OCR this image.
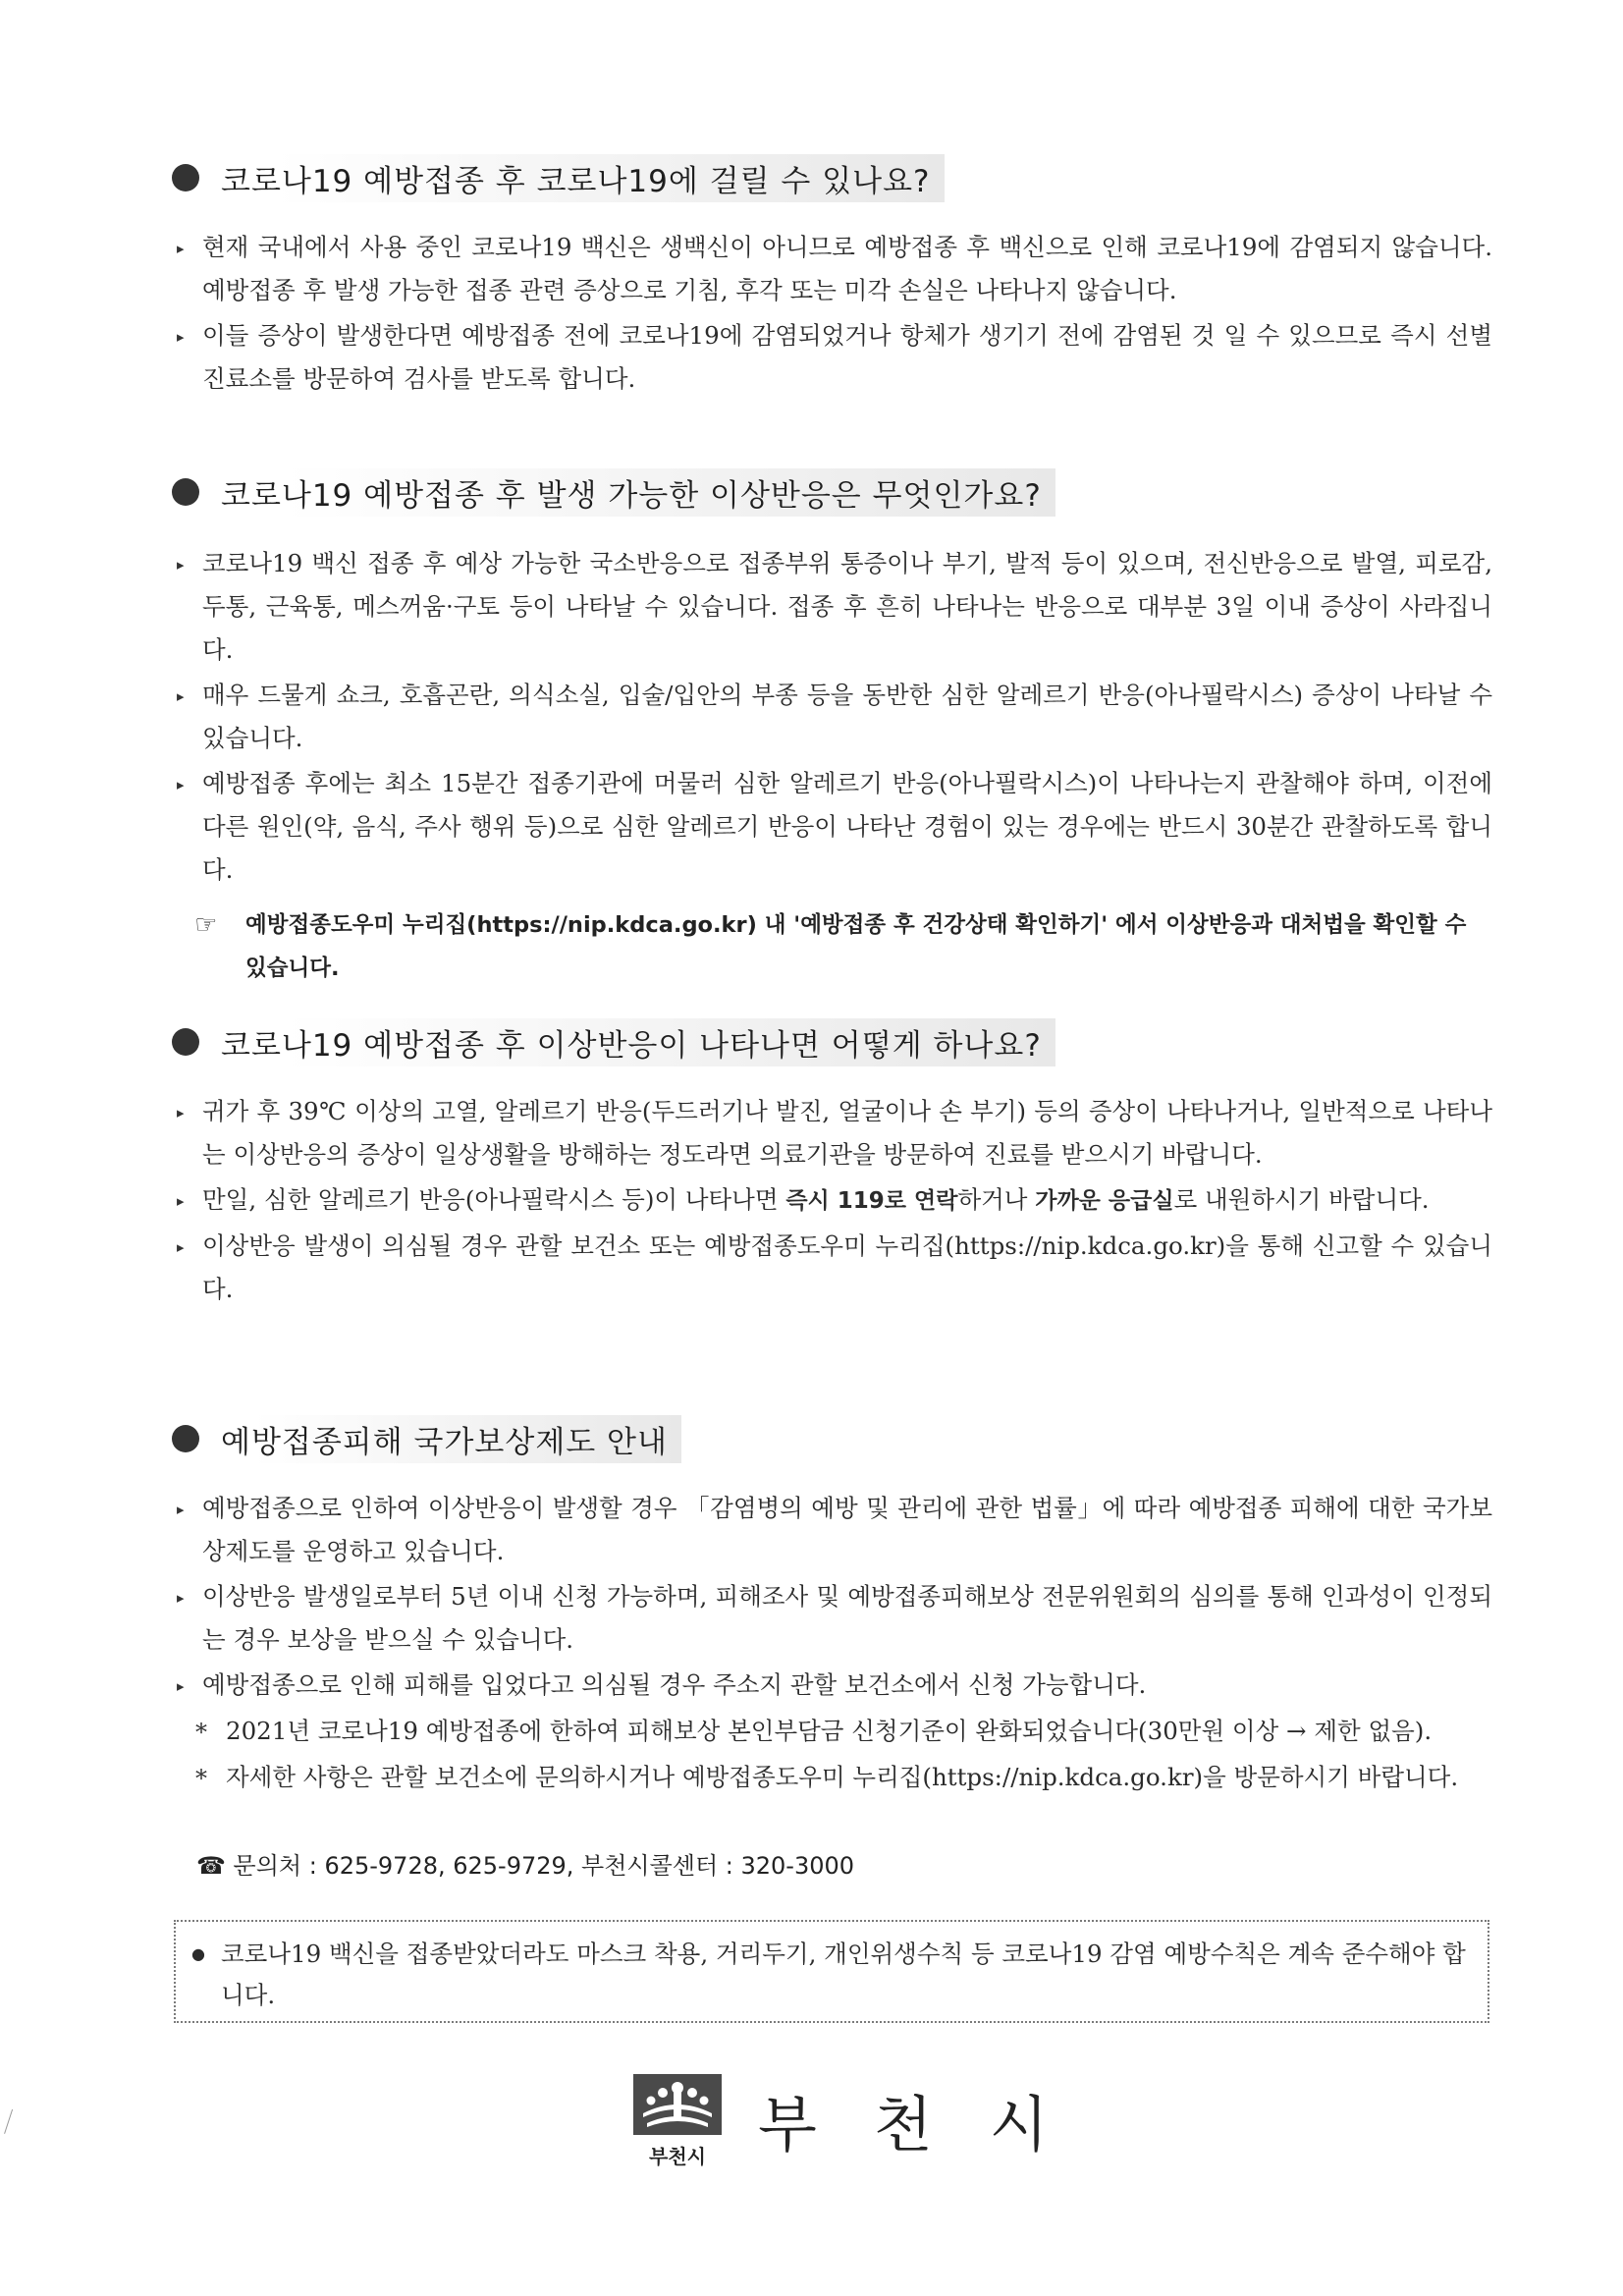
코로나19 예방접종 후 코로나19에 걸릴 수 있나요?
▸ 현재 국내에서 사용 중인 코로나19 백신은 생백신이 아니므로 예방접종 후 백신으로 인해 코로나19에 감염되지 않습니다. 예방접종 후 발생 가능한 접종 관련 증상으로 기침, 후각 또는 미각 손실은 나타나지 않습니다.
▸ 이들 증상이 발생한다면 예방접종 전에 코로나19에 감염되었거나 항체가 생기기 전에 감염된 것 일 수 있으므로 즉시 선별진료소를 방문하여 검사를 받도록 합니다.
코로나19 예방접종 후 발생 가능한 이상반응은 무엇인가요?
▸ 코로나19 백신 접종 후 예상 가능한 국소반응으로 접종부위 통증이나 부기, 발적 등이 있으며, 전신반응으로 발열, 피로감, 두통, 근육통, 메스꺼움·구토 등이 나타날 수 있습니다. 접종 후 흔히 나타나는 반응으로 대부분 3일 이내 증상이 사라집니다.
▸ 매우 드물게 쇼크, 호흡곤란, 의식소실, 입술/입안의 부종 등을 동반한 심한 알레르기 반응(아나필락시스) 증상이 나타날 수 있습니다.
▸ 예방접종 후에는 최소 15분간 접종기관에 머물러 심한 알레르기 반응(아나필락시스)이 나타나는지 관찰해야 하며, 이전에 다른 원인(약, 음식, 주사 행위 등)으로 심한 알레르기 반응이 나타난 경험이 있는 경우에는 반드시 30분간 관찰하도록 합니다.
☞	예방접종도우미 누리집(https://nip.kdca.go.kr) 내 '예방접종 후 건강상태 확인하기' 에서 이상반응과 대처법을 확인할 수 있습니다.
코로나19 예방접종 후 이상반응이 나타나면 어떻게 하나요?
▸ 귀가 후 39℃ 이상의 고열, 알레르기 반응(두드러기나 발진, 얼굴이나 손 부기) 등의 증상이 나타나거나, 일반적으로 나타나는 이상반응의 증상이 일상생활을 방해하는 정도라면 의료기관을 방문하여 진료를 받으시기 바랍니다.
▸ 만일, 심한 알레르기 반응(아나필락시스 등)이 나타나면 즉시 119로 연락하거나 가까운 응급실로 내원하시기 바랍니다.
▸ 이상반응 발생이 의심될 경우 관할 보건소 또는 예방접종도우미 누리집(https://nip.kdca.go.kr)을 통해 신고할 수 있습니다.
예방접종피해 국가보상제도 안내
▸ 예방접종으로 인하여 이상반응이 발생할 경우 「감염병의 예방 및 관리에 관한 법률」에 따라 예방접종 피해에 대한 국가보상제도를 운영하고 있습니다.
▸ 이상반응 발생일로부터 5년 이내 신청 가능하며, 피해조사 및 예방접종피해보상 전문위원회의 심의를 통해 인과성이 인정되는 경우 보상을 받으실 수 있습니다.
▸ 예방접종으로 인해 피해를 입었다고 의심될 경우 주소지 관할 보건소에서 신청 가능합니다.
* 2021년 코로나19 예방접종에 한하여 피해보상 본인부담금 신청기준이 완화되었습니다(30만원 이상 → 제한 없음).
* 자세한 사항은 관할 보건소에 문의하시거나 예방접종도우미 누리집(https://nip.kdca.go.kr)을 방문하시기 바랍니다.
☎ 문의처 : 625-9728, 625-9729, 부천시콜센터 : 320-3000
● 코로나19 백신을 접종받았더라도 마스크 착용, 거리두기, 개인위생수칙 등 코로나19 감염 예방수칙은 계속 준수해야 합니다.
부천시 부천시
